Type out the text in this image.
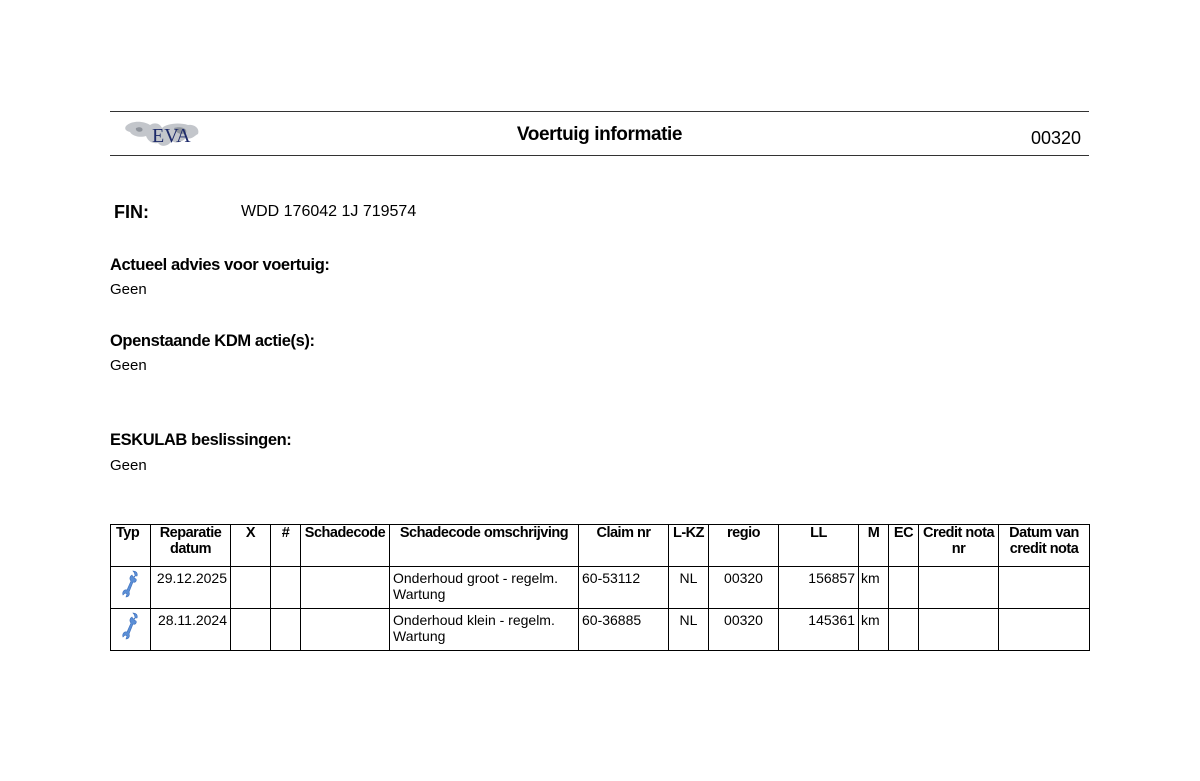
EVA	Voertuig informatie	00320
FIN:	WDD 176042 1J 719574
Actueel advies voor voertuig:
Geen
Openstaande KDM actie(s):
Geen
ESKULAB beslissingen:
Geen
Typ	Reparatie datum	X	#	Schadecode	Schadecode omschrijving	Claim nr	L-KZ	regio	LL	M	EC	Credit nota nr	Datum van credit nota
	29.12.2025				Onderhoud groot - regelm. Wartung	60-53112	NL	00320	156857	km			
	28.11.2024				Onderhoud klein - regelm. Wartung	60-36885	NL	00320	145361	km			
